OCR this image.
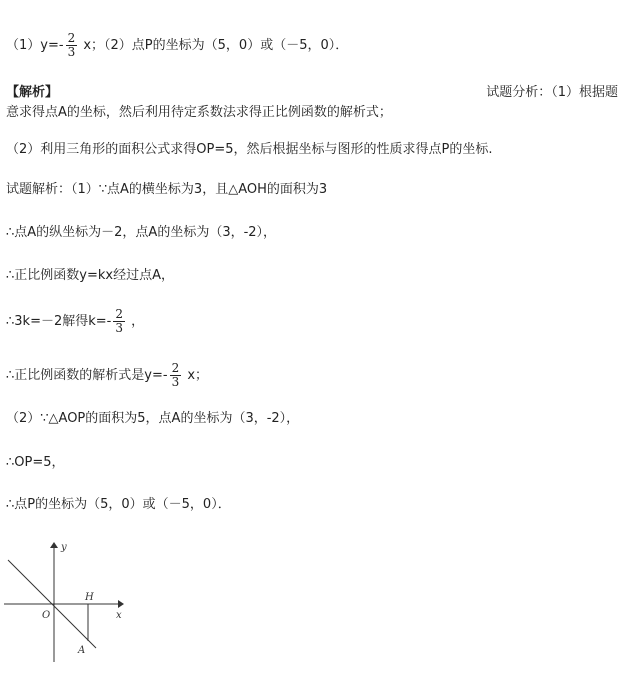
$(1)y=- \frac{2}{3}$ x；（2）点P的坐标为（5，0）或（－5，0）．
【解析】	试题分析：（1）根据题
意求得点A的坐标，然后利用待定系数法求得正比例函数的解析式；
（2）利用三角形的面积公式求得OP=5，然后根据坐标与图形的性质求得点P的坐标.
试题解析：（1）∵点A的横坐标为3，且△AOH的面积为3
∴点A的纵坐标为－2，点A的坐标为（3，-2），
∴正比例函数y=kx经过点A，
∴3k=－2解得$k=- \frac{2}{3}$ ，
∴正比例函数的解析式是$y=- \frac{2}{3}$ x；
（2）∵△AOP的面积为5，点A的坐标为（3，-2），
∴OP=5，
∴点P的坐标为（5，0）或（－5，0）．
y
x
O
H
A
